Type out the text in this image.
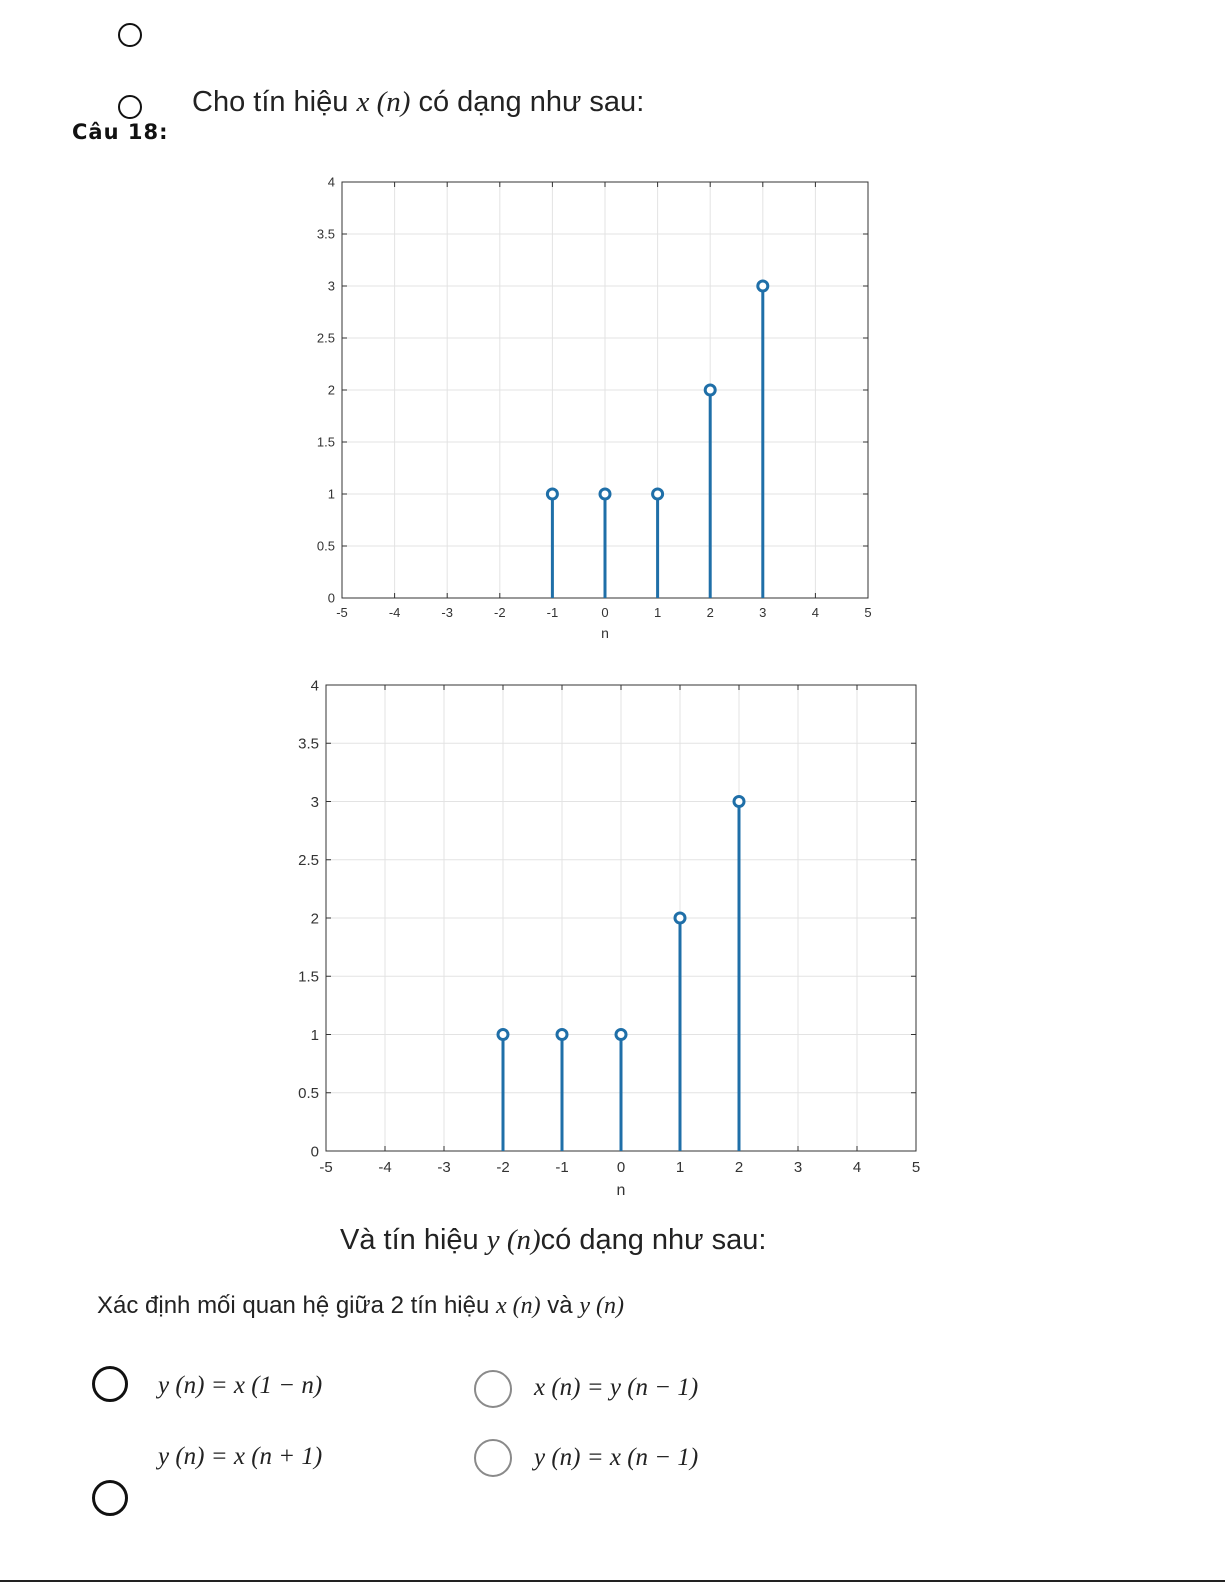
Câu 18:
Cho tín hiệu x (n) có dạng như sau:
-5	-4	-3	-2	-1	0	1	2	3	4	5
0
0.5
1
1.5
2
2.5
3
3.5
4
n
-5	-4	-3	-2	-1	0	1	2	3	4	5
0
0.5
1
1.5
2
2.5
3
3.5
4
n
Và tín hiệu y (n)có dạng như sau:
Xác định mối quan hệ giữa 2 tín hiệu x (n) và y (n)
y (n) = x (1 − n)	x (n) = y (n − 1)
y (n) = x (n + 1)	y (n) = x (n − 1)
